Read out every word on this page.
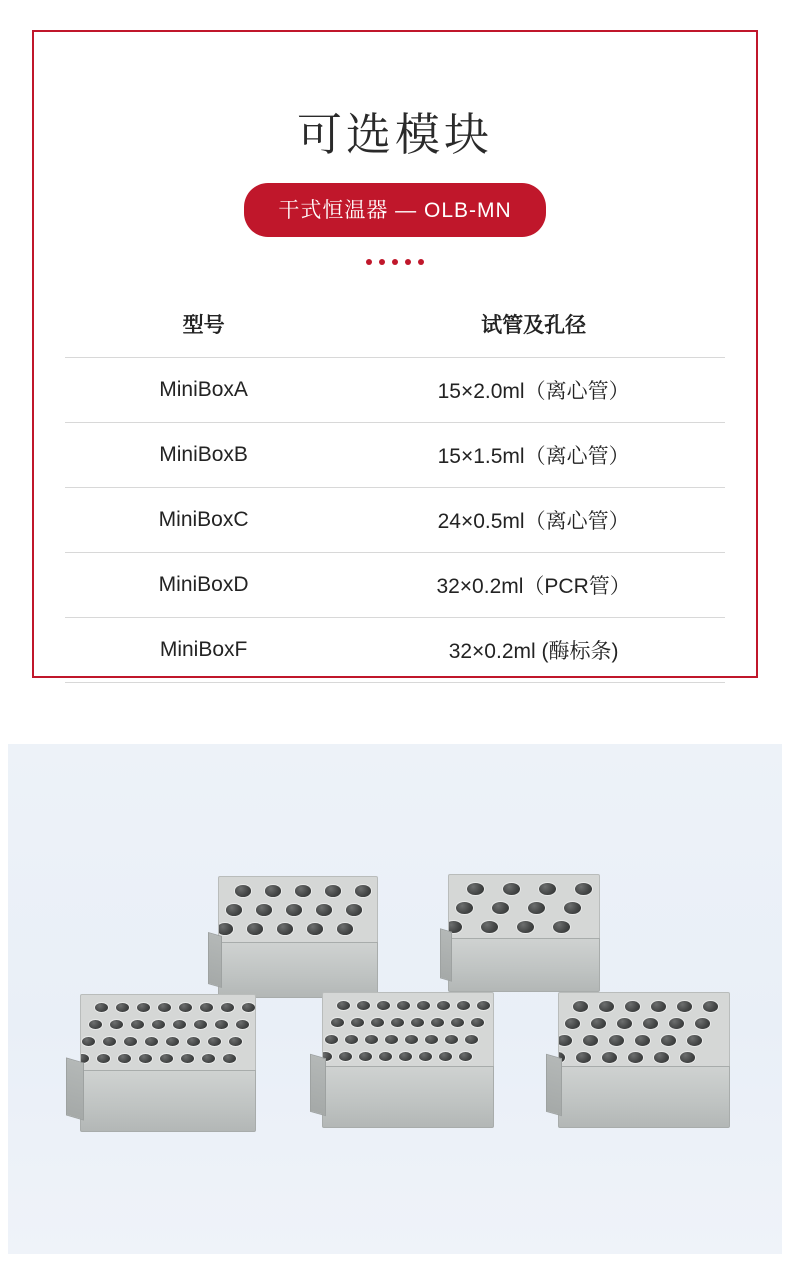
可选模块
干式恒温器 — OLB-MN
型号	试管及孔径
MiniBoxA	15×2.0ml（离心管）
MiniBoxB	15×1.5ml（离心管）
MiniBoxC	24×0.5ml（离心管）
MiniBoxD	32×0.2ml（PCR管）
MiniBoxF	32×0.2ml (酶标条)
